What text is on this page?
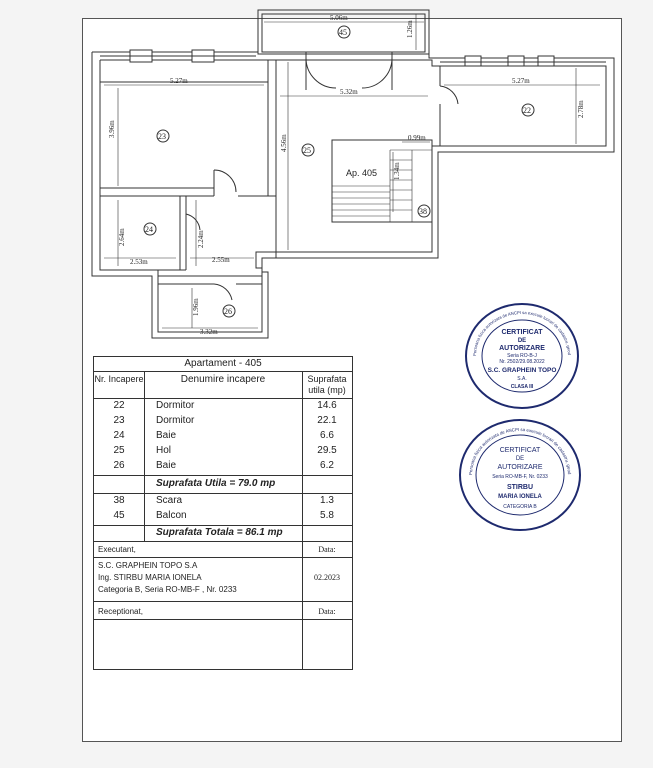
5.06m
1.26m
5.27m
3.96m
5.32m
4.56m
5.27m
2.78m
0.99m
1.34m
2.64m
2.53m
2.24m
2.55m
1.96m
3.32m
45
23
25
22
24
38
26
Ap. 405
Apartament - 405
Nr. Incapere	Denumire incapere	Suprafata utila (mp)
22	Dormitor	14.6
23	Dormitor	22.1
24	Baie	6.6
25	Hol	29.5
26	Baie	6.2
Suprafata Utila = 79.0 mp
38	Scara	1.3
45	Balcon	5.8
Suprafata Totala = 86.1 mp
Executant,	Data:
S.C. GRAPHEIN TOPO S.A
Ing. STIRBU MARIA IONELA	02.2023
Categoria B, Seria RO-MB-F , Nr. 0233
Receptionat,	Data:
Persoana fizica autorizata de ANCPI sa execute lucrari de cadastru, geod
CERTIFICAT
DE
AUTORIZARE
Seria RO-B-J
Nr. 2502/29.08.2022
S.C. GRAPHEIN TOPO
S.A.
CLASA III
Persoana fizica autorizata de ANCPI sa execute lucrari de cadastru, geod
CERTIFICAT
DE
AUTORIZARE
Seria RO-MB-F, Nr. 0233
STIRBU
MARIA IONELA
CATEGORIA B
